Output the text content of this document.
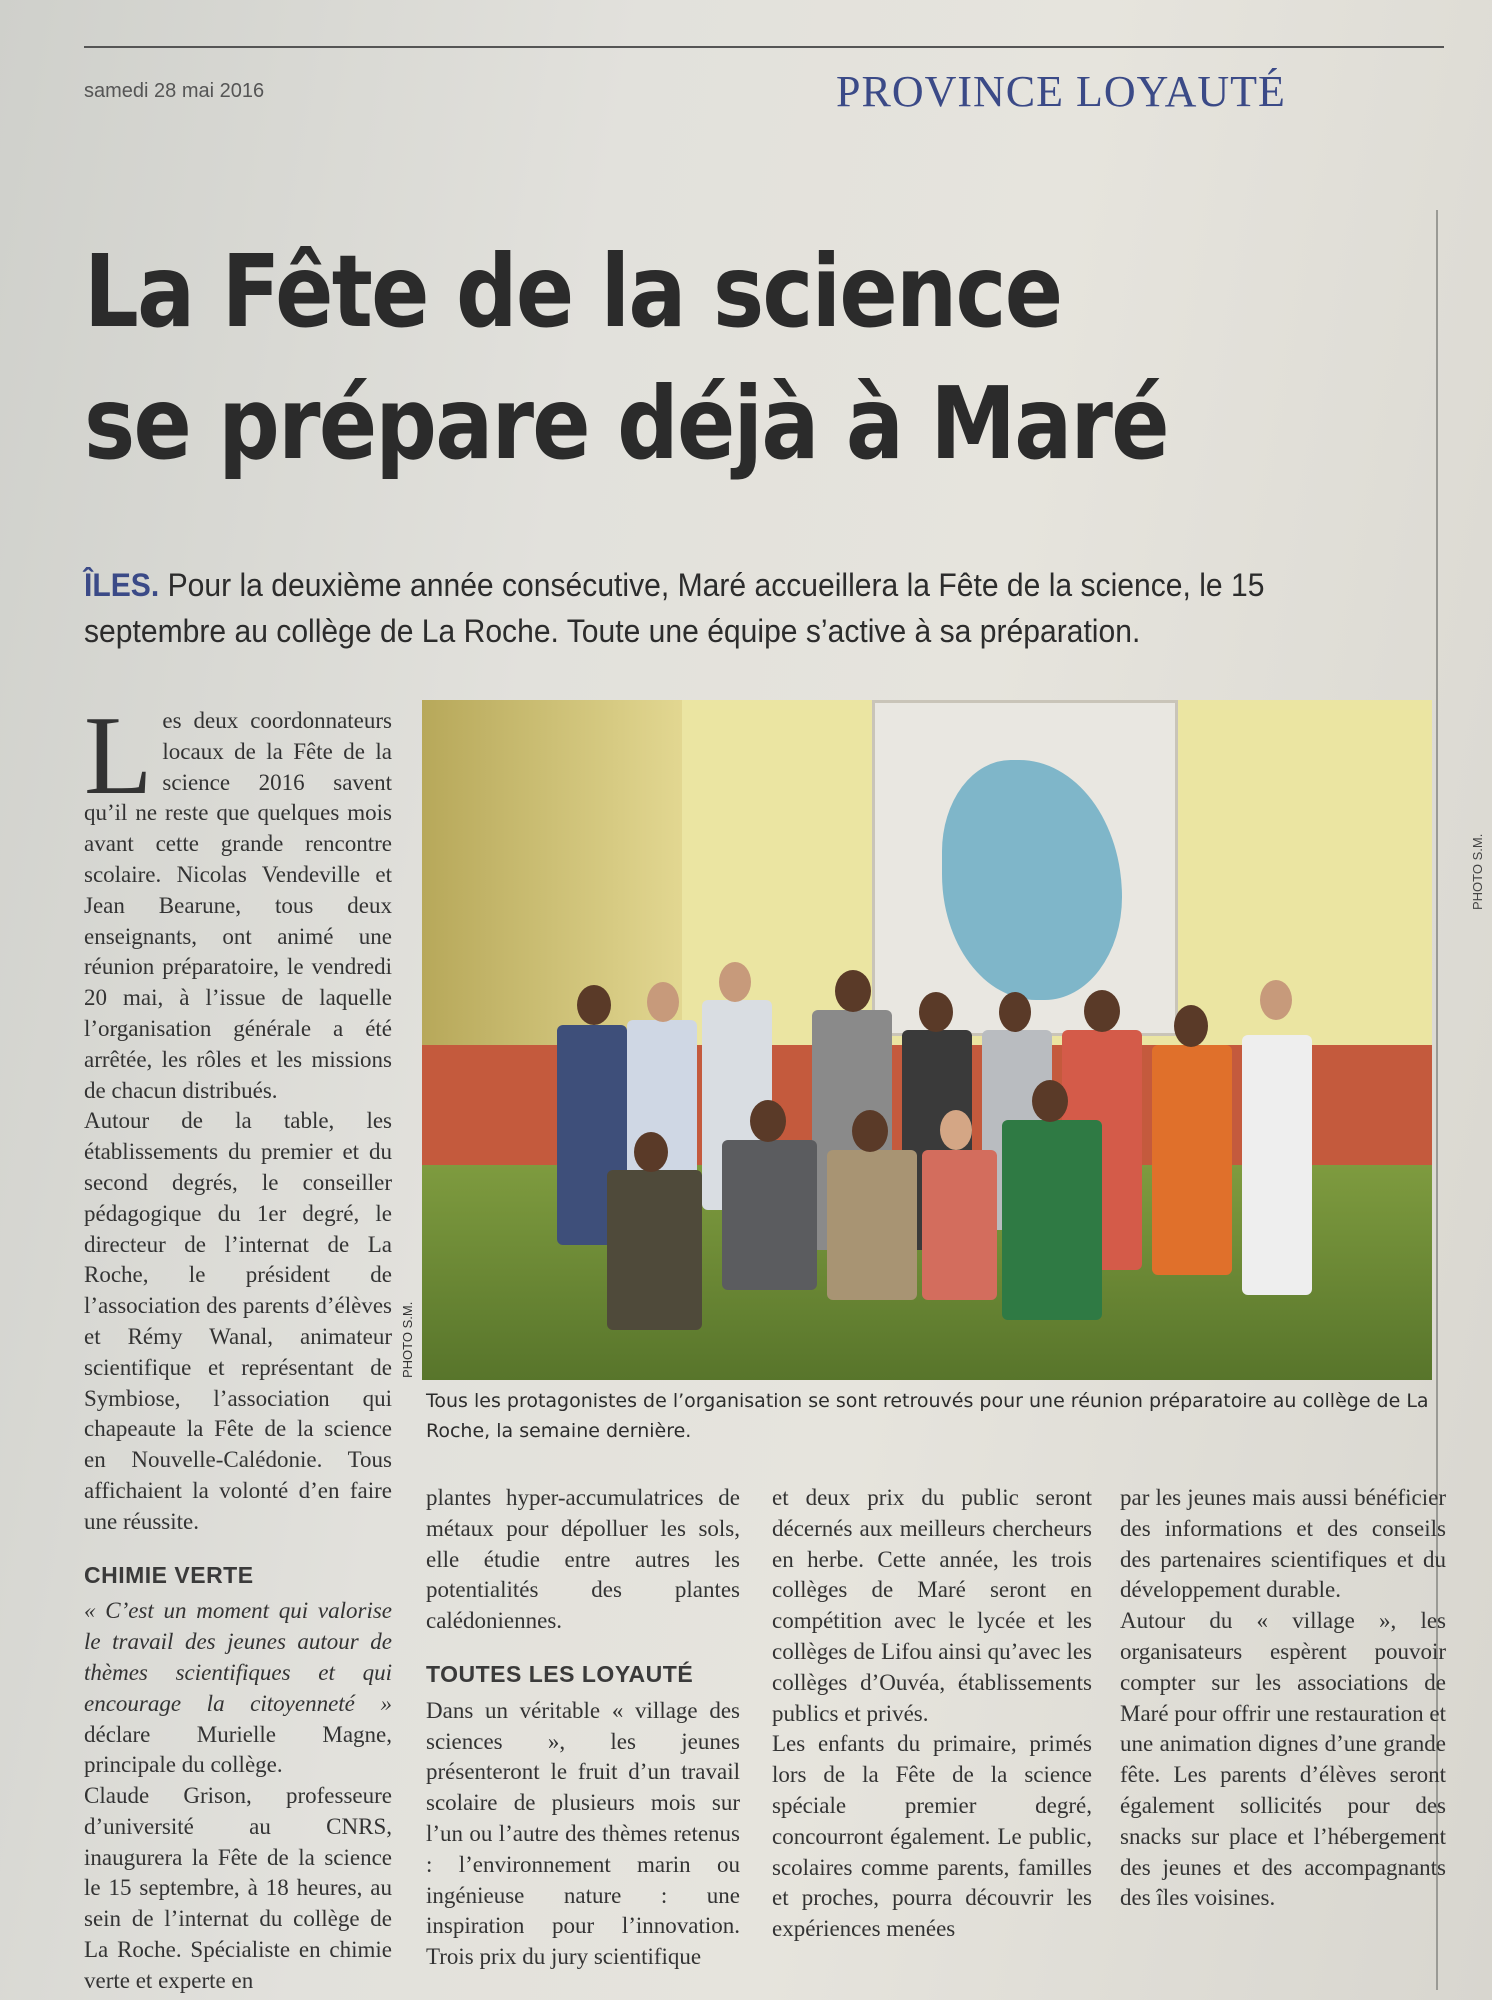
samedi 28 mai 2016	PROVINCE LOYAUTÉ
PHOTO S.M.
La Fête de la science
se prépare déjà à Maré
ÎLES. Pour la deuxième année consécutive, Maré accueillera la Fête de la science, le 15 septembre au collège de La Roche. Toute une équipe s’active à sa préparation.

Les deux coordonnateurs locaux de la Fête de la science 2016 savent qu’il ne reste que quelques mois avant cette grande rencontre scolaire. Nicolas Vendeville et Jean Bearune, tous deux enseignants, ont animé une réunion préparatoire, le vendredi 20 mai, à l’issue de laquelle l’organisation générale a été arrêtée, les rôles et les missions de chacun distribués.

Autour de la table, les établissements du premier et du second degrés, le conseiller pédagogique du 1er degré, le directeur de l’internat de La Roche, le président de l’association des parents d’élèves et Rémy Wanal, animateur scientifique et représentant de Symbiose, l’association qui chapeaute la Fête de la science en Nouvelle-Calédonie. Tous affichaient la volonté d’en faire une réussite.

CHIMIE VERTE

« C’est un moment qui valorise le travail des jeunes autour de thèmes scientifiques et qui encourage la citoyenneté » déclare Murielle Magne, principale du collège.

Claude Grison, professeure d’université au CNRS, inaugurera la Fête de la science le 15 septembre, à 18 heures, au sein de l’internat du collège de La Roche. Spécialiste en chimie verte et experte en

PHOTO S.M.
Tous les protagonistes de l’organisation se sont retrouvés pour une réunion préparatoire au collège de La Roche, la semaine dernière.

plantes hyper-accumulatrices de métaux pour dépolluer les sols, elle étudie entre autres les potentialités des plantes calédoniennes.

TOUTES LES LOYAUTÉ

Dans un véritable « village des sciences », les jeunes présenteront le fruit d’un travail scolaire de plusieurs mois sur l’un ou l’autre des thèmes retenus : l’environnement marin ou ingénieuse nature : une inspiration pour l’innovation. Trois prix du jury scientifique

et deux prix du public seront décernés aux meilleurs chercheurs en herbe. Cette année, les trois collèges de Maré seront en compétition avec le lycée et les collèges de Lifou ainsi qu’avec les collèges d’Ouvéa, établissements publics et privés.

Les enfants du primaire, primés lors de la Fête de la science spéciale premier degré, concourront également. Le public, scolaires comme parents, familles et proches, pourra découvrir les expériences menées

par les jeunes mais aussi bénéficier des informations et des conseils des partenaires scientifiques et du développement durable.

Autour du « village », les organisateurs espèrent pouvoir compter sur les associations de Maré pour offrir une restauration et une animation dignes d’une grande fête. Les parents d’élèves seront également sollicités pour des snacks sur place et l’hébergement des jeunes et des accompagnants des îles voisines.
